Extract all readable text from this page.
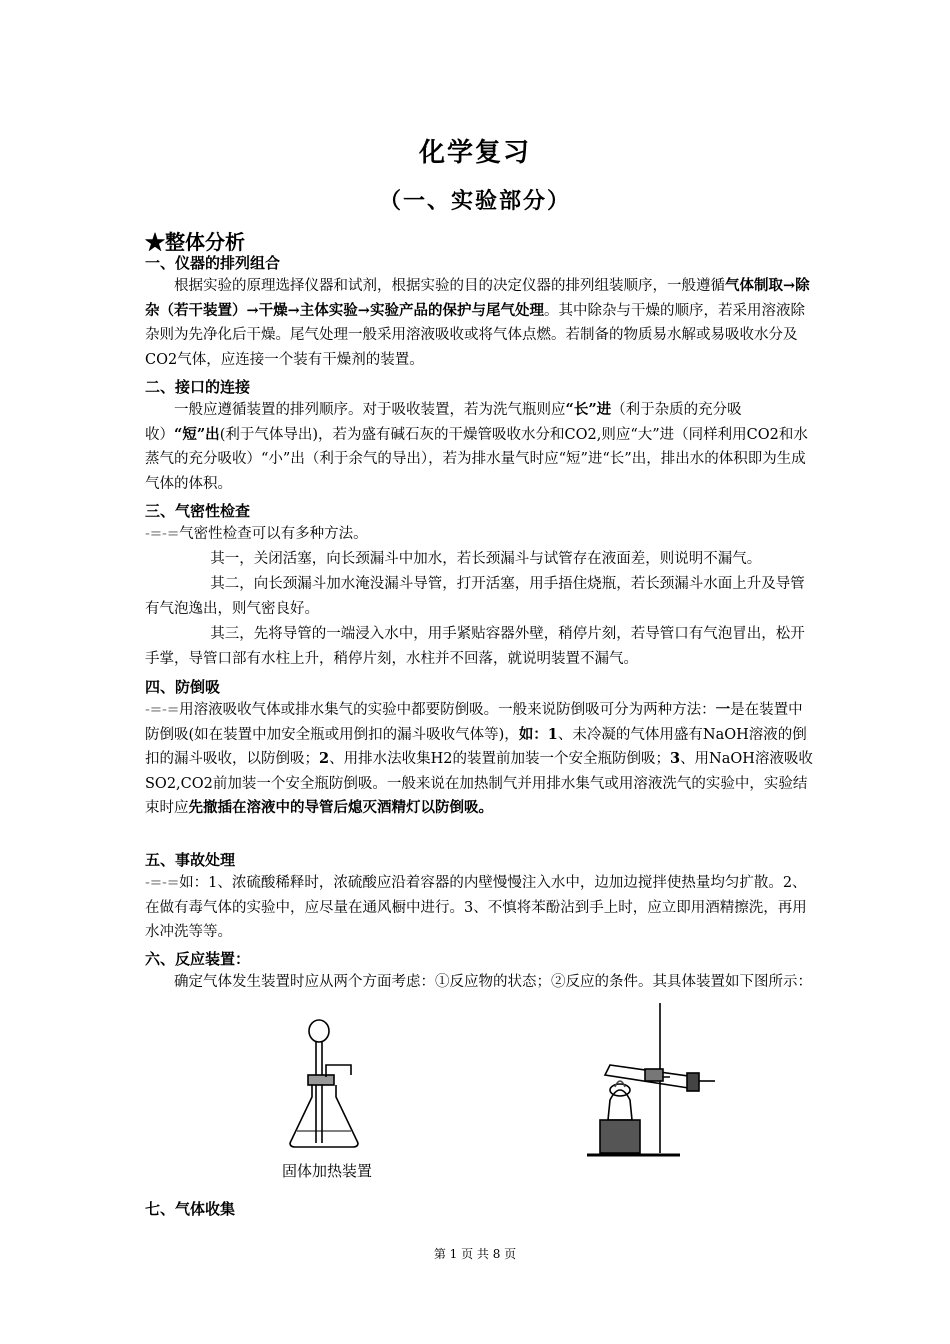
化学复习
（一、实验部分）
★整体分析
一、仪器的排列组合
根据实验的原理选择仪器和试剂，根据实验的目的决定仪器的排列组装顺序，一般遵循气体制取→除杂（若干装置）→干燥→主体实验→实验产品的保护与尾气处理。其中除杂与干燥的顺序，若采用溶液除杂则为先净化后干燥。尾气处理一般采用溶液吸收或将气体点燃。若制备的物质易水解或易吸收水分及CO2气体，应连接一个装有干燥剂的装置。
二、接口的连接
一般应遵循装置的排列顺序。对于吸收装置，若为洗气瓶则应“长”进（利于杂质的充分吸收）“短”出(利于气体导出)，若为盛有碱石灰的干燥管吸收水分和CO2,则应“大”进（同样利用CO2和水蒸气的充分吸收）“小”出（利于余气的导出），若为排水量气时应“短”进“长”出，排出水的体积即为生成气体的体积。
三、气密性检查
-=-=气密性检查可以有多种方法。
其一，关闭活塞，向长颈漏斗中加水，若长颈漏斗与试管存在液面差，则说明不漏气。
其二，向长颈漏斗加水淹没漏斗导管，打开活塞，用手捂住烧瓶，若长颈漏斗水面上升及导管有气泡逸出，则气密良好。
其三，先将导管的一端浸入水中，用手紧贴容器外壁，稍停片刻，若导管口有气泡冒出，松开手掌，导管口部有水柱上升，稍停片刻，水柱并不回落，就说明装置不漏气。
四、防倒吸
-=-=用溶液吸收气体或排水集气的实验中都要防倒吸。一般来说防倒吸可分为两种方法：一是在装置中防倒吸(如在装置中加安全瓶或用倒扣的漏斗吸收气体等)，如：1、未冷凝的气体用盛有NaOH溶液的倒扣的漏斗吸收，以防倒吸；2、用排水法收集H2的装置前加装一个安全瓶防倒吸；3、用NaOH溶液吸收SO2,CO2前加装一个安全瓶防倒吸。一般来说在加热制气并用排水集气或用溶液洗气的实验中，实验结束时应先撤插在溶液中的导管后熄灭酒精灯以防倒吸。
五、事故处理
-=-=如：1、浓硫酸稀释时，浓硫酸应沿着容器的内壁慢慢注入水中，边加边搅拌使热量均匀扩散。2、在做有毒气体的实验中，应尽量在通风橱中进行。3、不慎将苯酚沾到手上时，应立即用酒精擦洗，再用水冲洗等等。
六、反应装置：
确定气体发生装置时应从两个方面考虑：①反应物的状态；②反应的条件。其具体装置如下图所示：
固体加热装置
七、气体收集
第 1 页 共 8 页
